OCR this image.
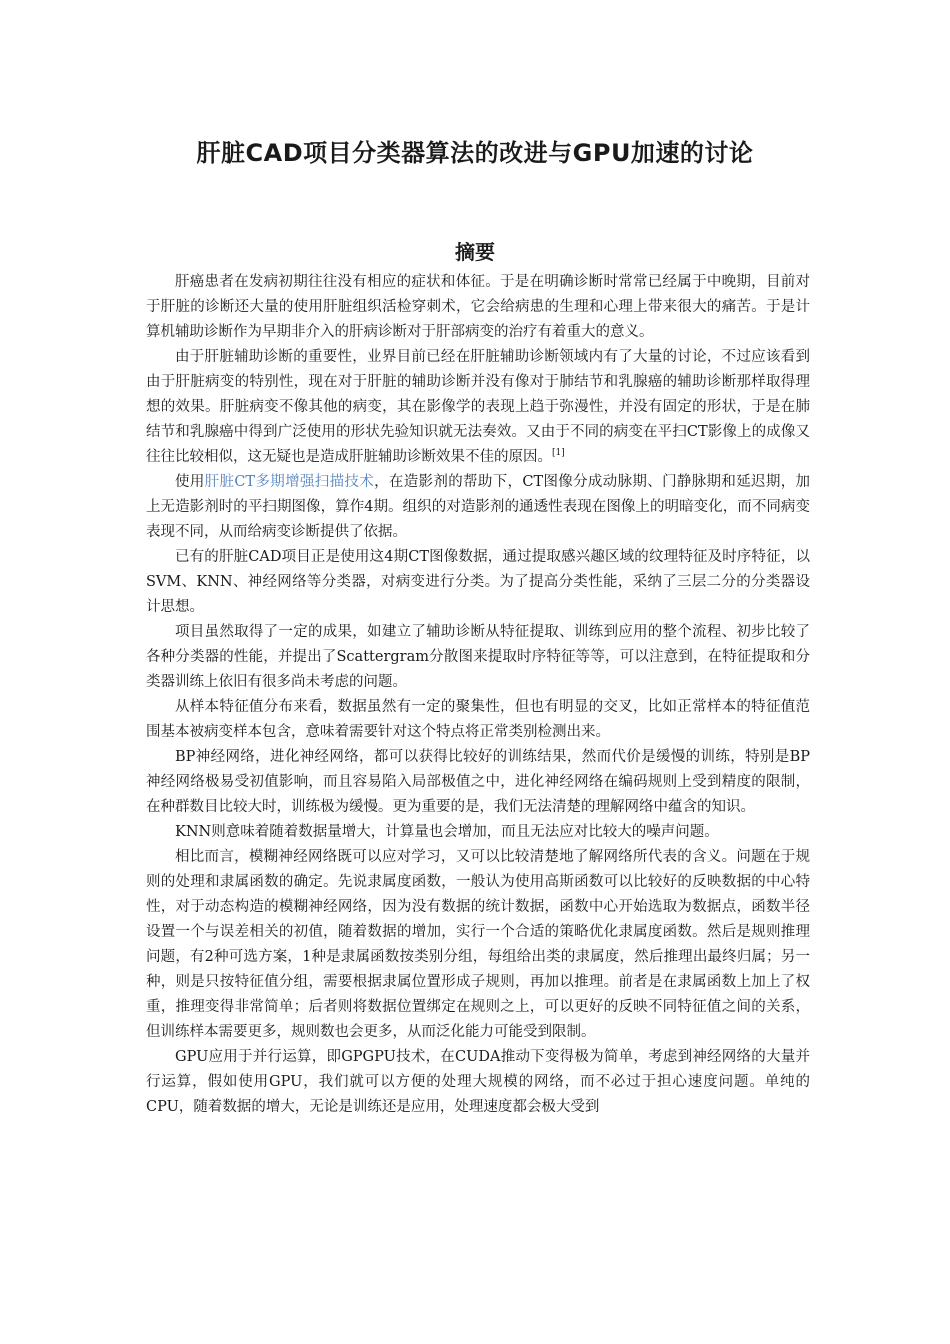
肝脏CAD项目分类器算法的改进与GPU加速的讨论
摘要

肝癌患者在发病初期往往没有相应的症状和体征。于是在明确诊断时常常已经属于中晚期，目前对于肝脏的诊断还大量的使用肝脏组织活检穿刺术，它会给病患的生理和心理上带来很大的痛苦。于是计算机辅助诊断作为早期非介入的肝病诊断对于肝部病变的治疗有着重大的意义。

由于肝脏辅助诊断的重要性，业界目前已经在肝脏辅助诊断领域内有了大量的讨论，不过应该看到由于肝脏病变的特别性，现在对于肝脏的辅助诊断并没有像对于肺结节和乳腺癌的辅助诊断那样取得理想的效果。肝脏病变不像其他的病变，其在影像学的表现上趋于弥漫性，并没有固定的形状，于是在肺结节和乳腺癌中得到广泛使用的形状先验知识就无法奏效。又由于不同的病变在平扫CT影像上的成像又往往比较相似，这无疑也是造成肝脏辅助诊断效果不佳的原因。[1]

使用肝脏CT多期增强扫描技术，在造影剂的帮助下，CT图像分成动脉期、门静脉期和延迟期，加上无造影剂时的平扫期图像，算作4期。组织的对造影剂的通透性表现在图像上的明暗变化，而不同病变表现不同，从而给病变诊断提供了依据。

已有的肝脏CAD项目正是使用这4期CT图像数据，通过提取感兴趣区域的纹理特征及时序特征，以SVM、KNN、神经网络等分类器，对病变进行分类。为了提高分类性能，采纳了三层二分的分类器设计思想。

项目虽然取得了一定的成果，如建立了辅助诊断从特征提取、训练到应用的整个流程、初步比较了各种分类器的性能，并提出了Scattergram分散图来提取时序特征等等，可以注意到，在特征提取和分类器训练上依旧有很多尚未考虑的问题。

从样本特征值分布来看，数据虽然有一定的聚集性，但也有明显的交叉，比如正常样本的特征值范围基本被病变样本包含，意味着需要针对这个特点将正常类别检测出来。

BP神经网络，进化神经网络，都可以获得比较好的训练结果，然而代价是缓慢的训练，特别是BP神经网络极易受初值影响，而且容易陷入局部极值之中，进化神经网络在编码规则上受到精度的限制，在种群数目比较大时，训练极为缓慢。更为重要的是，我们无法清楚的理解网络中蕴含的知识。

KNN则意味着随着数据量增大，计算量也会增加，而且无法应对比较大的噪声问题。

相比而言，模糊神经网络既可以应对学习，又可以比较清楚地了解网络所代表的含义。问题在于规则的处理和隶属函数的确定。先说隶属度函数，一般认为使用高斯函数可以比较好的反映数据的中心特性，对于动态构造的模糊神经网络，因为没有数据的统计数据，函数中心开始选取为数据点，函数半径设置一个与误差相关的初值，随着数据的增加，实行一个合适的策略优化隶属度函数。然后是规则推理问题，有2种可选方案，1种是隶属函数按类别分组，每组给出类的隶属度，然后推理出最终归属；另一种，则是只按特征值分组，需要根据隶属位置形成子规则，再加以推理。前者是在隶属函数上加上了权重，推理变得非常简单；后者则将数据位置绑定在规则之上，可以更好的反映不同特征值之间的关系，但训练样本需要更多，规则数也会更多，从而泛化能力可能受到限制。

GPU应用于并行运算，即GPGPU技术，在CUDA推动下变得极为简单，考虑到神经网络的大量并行运算，假如使用GPU，我们就可以方便的处理大规模的网络，而不必过于担心速度问题。单纯的CPU，随着数据的增大，无论是训练还是应用，处理速度都会极大受到
